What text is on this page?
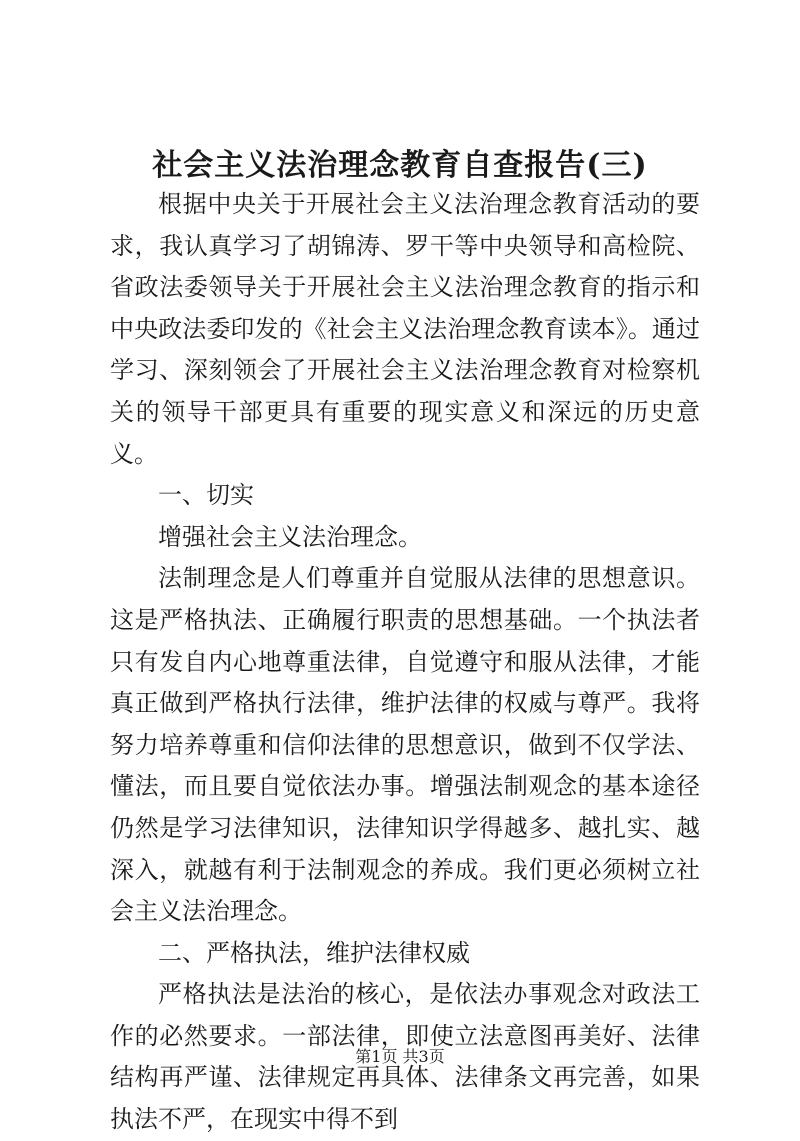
社会主义法治理念教育自查报告(三)

根据中央关于开展社会主义法治理念教育活动的要求，我认真学习了胡锦涛、罗干等中央领导和高检院、省政法委领导关于开展社会主义法治理念教育的指示和中央政法委印发的《社会主义法治理念教育读本》。通过学习、深刻领会了开展社会主义法治理念教育对检察机关的领导干部更具有重要的现实意义和深远的历史意义。

一、切实

增强社会主义法治理念。

法制理念是人们尊重并自觉服从法律的思想意识。这是严格执法、正确履行职责的思想基础。一个执法者只有发自内心地尊重法律，自觉遵守和服从法律，才能真正做到严格执行法律，维护法律的权威与尊严。我将努力培养尊重和信仰法律的思想意识，做到不仅学法、懂法，而且要自觉依法办事。增强法制观念的基本途径仍然是学习法律知识，法律知识学得越多、越扎实、越深入，就越有利于法制观念的养成。我们更必须树立社会主义法治理念。

二、严格执法，维护法律权威

严格执法是法治的核心，是依法办事观念对政法工作的必然要求。一部法律，即使立法意图再美好、法律结构再严谨、法律规定再具体、法律条文再完善，如果执法不严，在现实中得不到

第1页 共3页
